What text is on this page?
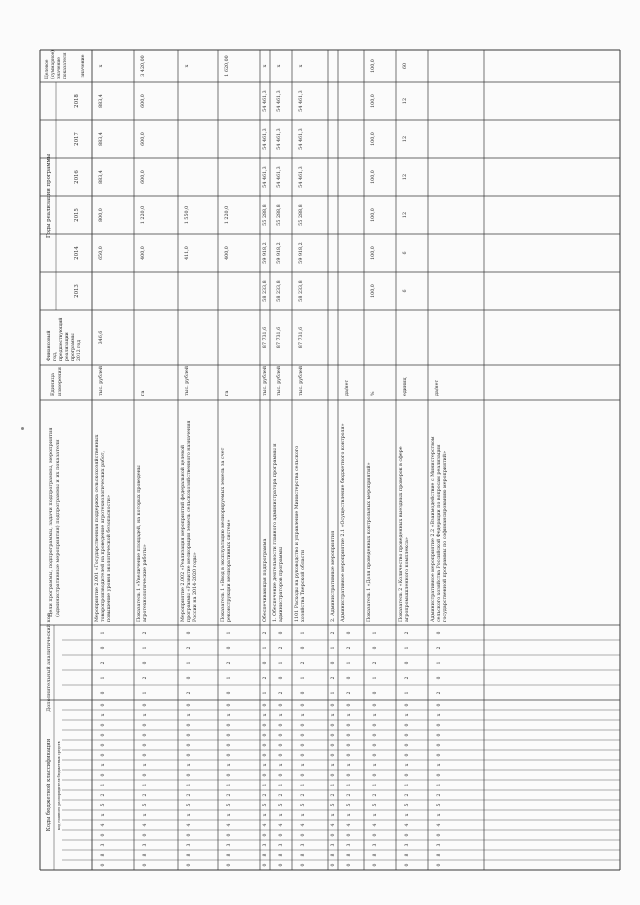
Коды бюджетной классификации
Дополнительный аналитический код
код главного распорядителя бюджетных средств
Цели программы, подпрограммы, задачи подпрограммы, мероприятия(административные мероприятия) подпрограммы и их показатели
Единицаизмерения
Финансовыйгод,предшествующийреализациипрограммы2012 год
Годы реализации программы
Целевое(суммарное)значениепоказателя	значение
2013
2014
2015
2016
2017
2018
0
8
3
0
4
x
5
2
1
0
x
0
0
0
0
x
0
0
1
2
0
1
Мероприятие 2.001 «Государственная поддержка сельскохозяйственныхтоваропроизводителей на проведение агротехнологических работ,повышение уровня экологической безопасности»
тыс. рублей
346,6
650,0
800,0
883,4
883,4
883,4
x
0
8
3
0
4
x
5
2
1
0
x
0
0
0
0
x
0
1
2
0
1
2
Показатель 1 «Увеличение площадей, на которых проведеныагротехнологические работы»
га
400,0
1 220,0
600,0
600,0
600,0
3 420,00
0
8
3
0
4
x
5
2
1
0
x
0
0
0
0
x
0
2
0
1
2
0
Мероприятие 2.002 «Реализация мероприятий федеральной целевойпрограммы «Развитие мелиорации земель сельскохозяйственного назначенияРоссии на 2014-2020 годы»
тыс. рублей
411,0
1 550,0
x
0
8
3
0
4
x
5
2
1
0
x
0
0
0
0
x
0
0
1
2
0
1
Показатель 1 «Ввод в эксплуатацию мелиорируемых земель за счетреконструкции мелиоративных систем»
га
400,0
1 220,0
1 620,00
0
8
3
0
4
x
5
2
1
0
x
0
0
0
0
x
0
1
2
0
1
2
Обеспечивающая подпрограмма
тыс. рублей
87 731,6
58 233,8
59 918,2
55 288,8
54 461,3
54 461,3
54 461,3
x
0
8
3
0
4
x
5
2
1
0
x
0
0
0
0
x
0
2
0
1
2
0
1. Обеспечение деятельности главного администратора программы иадминистраторов программы
тыс. рублей
87 731,6
58 233,8
59 918,2
55 288,8
54 461,3
54 461,3
54 461,3
x
0
8
3
0
4
x
5
2
1
0
x
0
0
0
0
x
0
0
1
2
0
1
1101 Расходы на руководство и управление Министерства сельскогохозяйства Тверской области
тыс. рублей
87 731,6
58 233,8
59 918,2
55 288,8
54 461,3
54 461,3
54 461,3
x
0
8
3
0
4
x
5
2
1
0
x
0
0
0
0
x
0
1
2
0
1
2
2. Административные мероприятия
0
8
3
0
4
x
5
2
1
0
x
0
0
0
0
x
0
2
0
1
2
0
Административное мероприятие 2.1 «Осуществление бюджетного контроля»
да/нет
0
8
3
0
4
x
5
2
1
0
x
0
0
0
0
x
0
0
1
2
0
1
Показатель 1 «Доля проведенных контрольных мероприятий»
%
100,0
100,0
100,0
100,0
100,0
100,0
100,0
0
8
3
0
4
x
5
2
1
0
x
0
0
0
0
x
0
1
2
0
1
2
Показатель 2 «Количество проведенных выездных проверок в сфереагропромышленного комплекса»
единиц
6
6
12
12
12
12
60
0
8
3
0
4
x
5
2
1
0
x
0
0
0
0
x
0
2
0
1
2
0
Административное мероприятие 2.2 «Взаимодействие с Министерствомсельского хозяйства Российской Федерации по вопросам реализациигосударственной программы по софинансированию мероприятий»
да/нет
